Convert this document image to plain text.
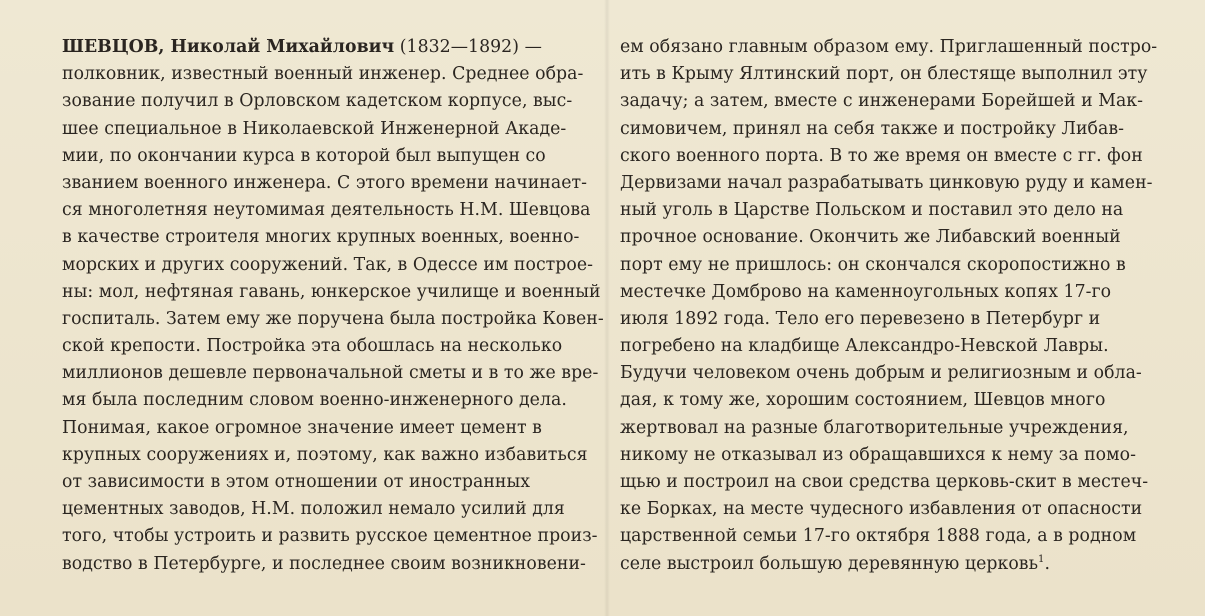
ШЕВЦОВ, Николай Михайлович (1832—1892) —
полковник, известный военный инженер. Среднее обра-
зование получил в Орловском кадетском корпусе, выс-
шее специальное в Николаевской Инженерной Акаде-
мии, по окончании курса в которой был выпущен со
званием военного инженера. С этого времени начинает-
ся многолетняя неутомимая деятельность Н.М. Шевцова
в качестве строителя многих крупных военных, военно-
морских и других сооружений. Так, в Одессе им построе-
ны: мол, нефтяная гавань, юнкерское училище и военный
госпиталь. Затем ему же поручена была постройка Ковен-
ской крепости. Постройка эта обошлась на несколько
миллионов дешевле первоначальной сметы и в то же вре-
мя была последним словом военно-инженерного дела.
Понимая, какое огромное значение имеет цемент в
крупных сооружениях и, поэтому, как важно избавиться
от зависимости в этом отношении от иностранных
цементных заводов, Н.М. положил немало усилий для
того, чтобы устроить и развить русское цементное произ-
водство в Петербурге, и последнее своим возникновени-
ем обязано главным образом ему. Приглашенный постро-
ить в Крыму Ялтинский порт, он блестяще выполнил эту
задачу; а затем, вместе с инженерами Борейшей и Мак-
симовичем, принял на себя также и постройку Либав-
ского военного порта. В то же время он вместе с гг. фон
Дервизами начал разрабатывать цинковую руду и камен-
ный уголь в Царстве Польском и поставил это дело на
прочное основание. Окончить же Либавский военный
порт ему не пришлось: он скончался скоропостижно в
местечке Домброво на каменноугольных копях 17-го
июля 1892 года. Тело его перевезено в Петербург и
погребено на кладбище Александро-Невской Лавры.
Будучи человеком очень добрым и религиозным и обла-
дая, к тому же, хорошим состоянием, Шевцов много
жертвовал на разные благотворительные учреждения,
никому не отказывал из обращавшихся к нему за помо-
щью и построил на свои средства церковь-скит в местеч-
ке Борках, на месте чудесного избавления от опасности
царственной семьи 17-го октября 1888 года, а в родном
селе выстроил большую деревянную церковь$^1$.
